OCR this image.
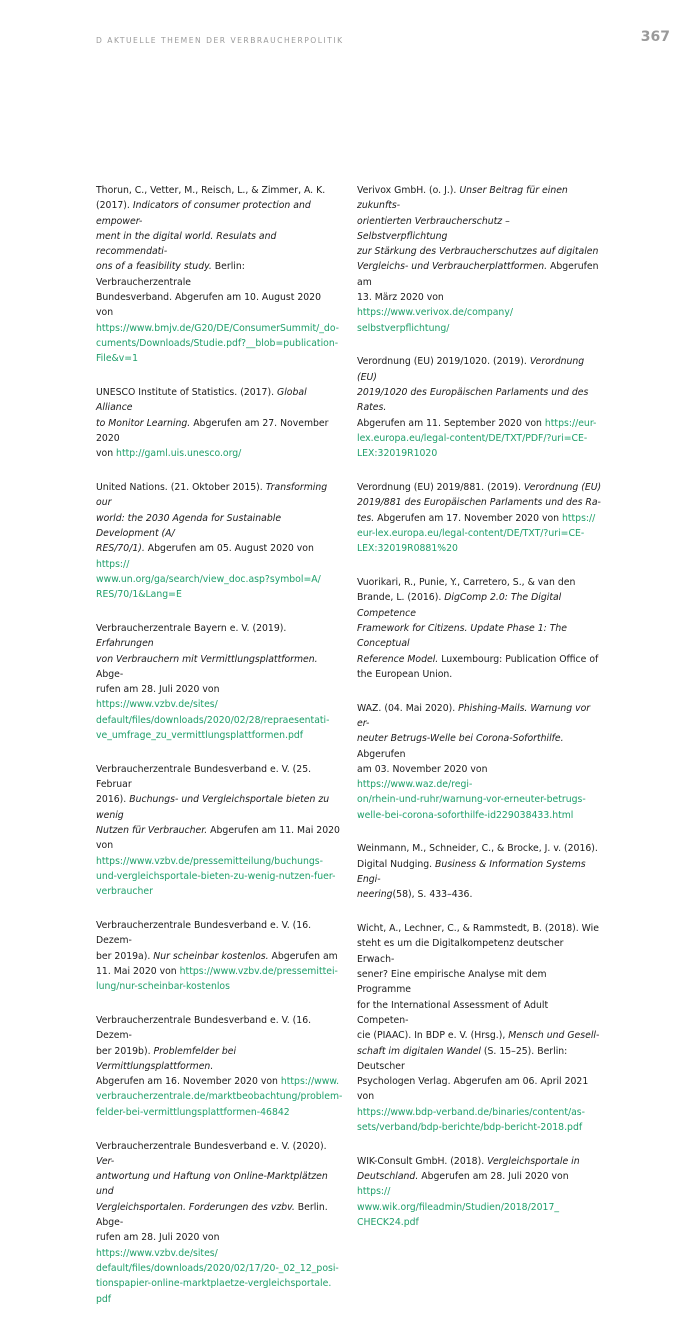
D AKTUELLE THEMEN DER VERBRAUCHERPOLITIK	367

Thorun, C., Vetter, M., Reisch, L., & Zimmer, A. K.
(2017). Indicators of consumer protection and empower-
ment in the digital world. Resulats and recommendati-
ons of a feasibility study. Berlin: Verbraucherzentrale
Bundesverband. Abgerufen am 10. August 2020 von
https://www.bmjv.de/G20/DE/ConsumerSummit/_do-
cuments/Downloads/Studie.pdf?__blob=publication-
File&v=1

UNESCO Institute of Statistics. (2017). Global Alliance
to Monitor Learning. Abgerufen am 27. November 2020
von http://gaml.uis.unesco.org/

United Nations. (21. Oktober 2015). Transforming our
world: the 2030 Agenda for Sustainable Development (A/
RES/70/1). Abgerufen am 05. August 2020 von https://
www.un.org/ga/search/view_doc.asp?symbol=A/
RES/70/1&Lang=E

Verbraucherzentrale Bayern e. V. (2019). Erfahrungen
von Verbrauchern mit Vermittlungsplattformen. Abge-
rufen am 28. Juli 2020 von https://www.vzbv.de/sites/
default/files/downloads/2020/02/28/repraesentati-
ve_umfrage_zu_vermittlungsplattformen.pdf

Verbraucherzentrale Bundesverband e. V. (25. Februar
2016). Buchungs- und Vergleichsportale bieten zu wenig
Nutzen für Verbraucher. Abgerufen am 11. Mai 2020 von
https://www.vzbv.de/pressemitteilung/buchungs-
und-vergleichsportale-bieten-zu-wenig-nutzen-fuer-
verbraucher

Verbraucherzentrale Bundesverband e. V. (16. Dezem-
ber 2019a). Nur scheinbar kostenlos. Abgerufen am
11. Mai 2020 von https://www.vzbv.de/pressemittei-
lung/nur-scheinbar-kostenlos

Verbraucherzentrale Bundesverband e. V. (16. Dezem-
ber 2019b). Problemfelder bei Vermittlungsplattformen.
Abgerufen am 16. November 2020 von https://www.
verbraucherzentrale.de/marktbeobachtung/problem-
felder-bei-vermittlungsplattformen-46842

Verbraucherzentrale Bundesverband e. V. (2020). Ver-
antwortung und Haftung von Online-Marktplätzen und
Vergleichsportalen. Forderungen des vzbv. Berlin. Abge-
rufen am 28. Juli 2020 von https://www.vzbv.de/sites/
default/files/downloads/2020/02/17/20-_02_12_posi-
tionspapier-online-marktplaetze-vergleichsportale.
pdf

Verivox GmbH. (o. J.). Unser Beitrag für einen zukunfts-
orientierten Verbraucherschutz – Selbstverpflichtung
zur Stärkung des Verbraucherschutzes auf digitalen
Vergleichs- und Verbraucherplattformen. Abgerufen am
13. März 2020 von https://www.verivox.de/company/
selbstverpflichtung/

Verordnung (EU) 2019/1020. (2019). Verordnung (EU)
2019/1020 des Europäischen Parlaments und des Rates.
Abgerufen am 11. September 2020 von https://eur-
lex.europa.eu/legal-content/DE/TXT/PDF/?uri=CE-
LEX:32019R1020

Verordnung (EU) 2019/881. (2019). Verordnung (EU)
2019/881 des Europäischen Parlaments und des Ra-
tes. Abgerufen am 17. November 2020 von https://
eur-lex.europa.eu/legal-content/DE/TXT/?uri=CE-
LEX:32019R0881%20

Vuorikari, R., Punie, Y., Carretero, S., & van den
Brande, L. (2016). DigComp 2.0: The Digital Competence
Framework for Citizens. Update Phase 1: The Conceptual
Reference Model. Luxembourg: Publication Office of
the European Union.

WAZ. (04. Mai 2020). Phishing-Mails. Warnung vor er-
neuter Betrugs-Welle bei Corona-Soforthilfe. Abgerufen
am 03. November 2020 von https://www.waz.de/regi-
on/rhein-und-ruhr/warnung-vor-erneuter-betrugs-
welle-bei-corona-soforthilfe-id229038433.html

Weinmann, M., Schneider, C., & Brocke, J. v. (2016).
Digital Nudging. Business & Information Systems Engi-
neering(58), S. 433–436.

Wicht, A., Lechner, C., & Rammstedt, B. (2018). Wie
steht es um die Digitalkompetenz deutscher Erwach-
sener? Eine empirische Analyse mit dem Programme
for the International Assessment of Adult Competen-
cie (PIAAC). In BDP e. V. (Hrsg.), Mensch und Gesell-
schaft im digitalen Wandel (S. 15–25). Berlin: Deutscher
Psychologen Verlag. Abgerufen am 06. April 2021 von
https://www.bdp-verband.de/binaries/content/as-
sets/verband/bdp-berichte/bdp-bericht-2018.pdf

WIK-Consult GmbH. (2018). Vergleichsportale in
Deutschland. Abgerufen am 28. Juli 2020 von https://
www.wik.org/fileadmin/Studien/2018/2017_
CHECK24.pdf
